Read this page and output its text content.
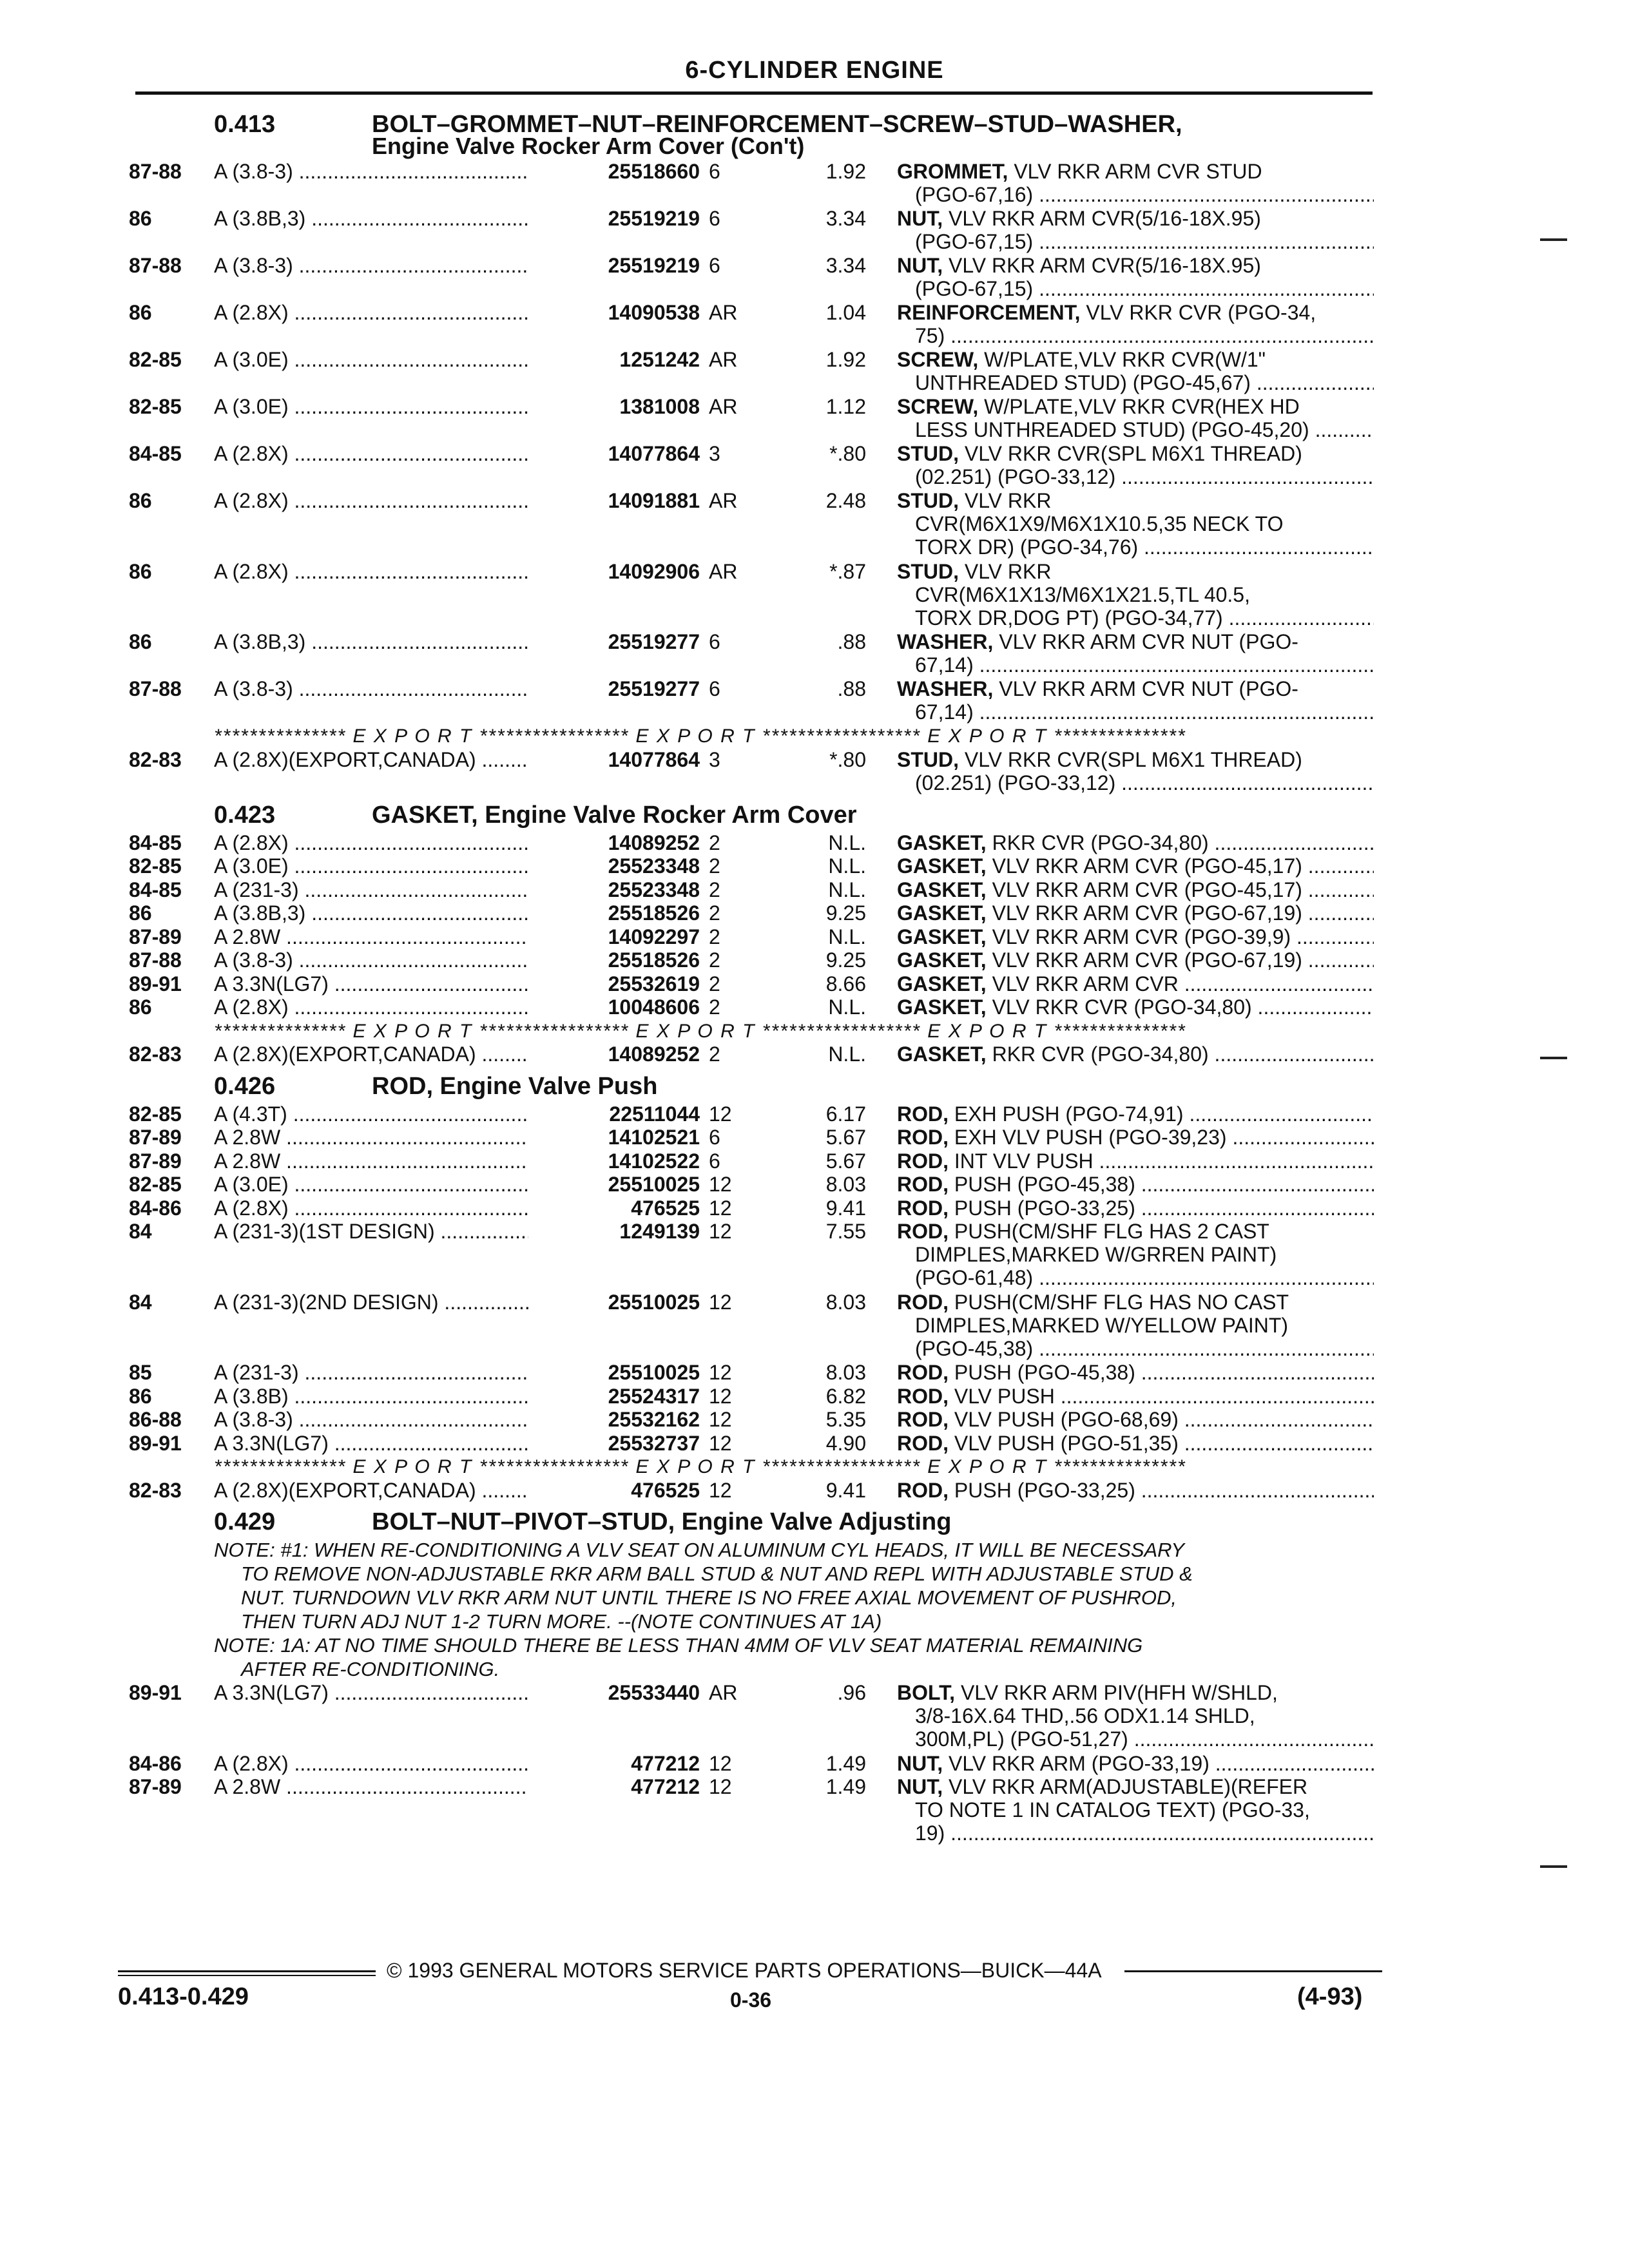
6-CYLINDER ENGINE
0.413	BOLT–GROMMET–NUT–REINFORCEMENT–SCREW–STUD–WASHER,
Engine Valve Rocker Arm Cover (Con't)
87-88 A (3.8-3) .....	25518660 6	1.92 GROMMET, VLV RKR ARM CVR STUD
(PGO-67,16) .....
86	A (3.8B,3) .....	25519219 6	3.34 NUT, VLV RKR ARM CVR(5/16-18X.95)
(PGO-67,15) .....
87-88 A (3.8-3) .....	25519219 6	3.34 NUT, VLV RKR ARM CVR(5/16-18X.95)
(PGO-67,15) .....
86	A (2.8X) .....	14090538 AR	1.04 REINFORCEMENT, VLV RKR CVR (PGO-34,
75) .....
82-85 A (3.0E) .....	1251242 AR	1.92 SCREW, W/PLATE,VLV RKR CVR(W/1"
UNTHREADED STUD) (PGO-45,67) .....
82-85 A (3.0E) .....	1381008 AR	1.12 SCREW, W/PLATE,VLV RKR CVR(HEX HD
LESS UNTHREADED STUD) (PGO-45,20) .....
84-85 A (2.8X) .....	14077864 3	*.80 STUD, VLV RKR CVR(SPL M6X1 THREAD)
(02.251) (PGO-33,12) .....
86	A (2.8X) .....	14091881 AR	2.48 STUD, VLV RKR
CVR(M6X1X9/M6X1X10.5,35 NECK TO
TORX DR) (PGO-34,76) .....
86	A (2.8X) .....	14092906 AR	*.87 STUD, VLV RKR
CVR(M6X1X13/M6X1X21.5,TL 40.5,
TORX DR,DOG PT) (PGO-34,77) .....
86	A (3.8B,3) .....	25519277 6	.88 WASHER, VLV RKR ARM CVR NUT (PGO-
67,14) .....
87-88 A (3.8-3) .....	25519277 6	.88 WASHER, VLV RKR ARM CVR NUT (PGO-
67,14) .....
*************** E X P O R T ***************** E X P O R T ****************** E X P O R T ***************
82-83 A (2.8X)(EXPORT,CANADA) .....	14077864 3	*.80 STUD, VLV RKR CVR(SPL M6X1 THREAD)
(02.251) (PGO-33,12) .....
0.423	GASKET, Engine Valve Rocker Arm Cover
84-85 A (2.8X) .....	14089252 2	N.L. GASKET, RKR CVR (PGO-34,80) .....
82-85 A (3.0E) .....	25523348 2	N.L. GASKET, VLV RKR ARM CVR (PGO-45,17) .....
84-85 A (231-3) .....	25523348 2	N.L. GASKET, VLV RKR ARM CVR (PGO-45,17) .....
86	A (3.8B,3) .....	25518526 2	9.25 GASKET, VLV RKR ARM CVR (PGO-67,19) .....
87-89 A 2.8W .....	14092297 2	N.L. GASKET, VLV RKR ARM CVR (PGO-39,9) .....
87-88 A (3.8-3) .....	25518526 2	9.25 GASKET, VLV RKR ARM CVR (PGO-67,19) .....
89-91 A 3.3N(LG7) .....	25532619 2	8.66 GASKET, VLV RKR ARM CVR .....
86	A (2.8X) .....	10048606 2	N.L. GASKET, VLV RKR CVR (PGO-34,80) .....
*************** E X P O R T ***************** E X P O R T ****************** E X P O R T ***************
82-83 A (2.8X)(EXPORT,CANADA) .....	14089252 2	N.L. GASKET, RKR CVR (PGO-34,80) .....
0.426	ROD, Engine Valve Push
82-85 A (4.3T) .....	22511044 12	6.17 ROD, EXH PUSH (PGO-74,91) .....
87-89 A 2.8W .....	14102521 6	5.67 ROD, EXH VLV PUSH (PGO-39,23) .....
87-89 A 2.8W .....	14102522 6	5.67 ROD, INT VLV PUSH .....
82-85 A (3.0E) .....	25510025 12	8.03 ROD, PUSH (PGO-45,38) .....
84-86 A (2.8X) .....	476525 12	9.41 ROD, PUSH (PGO-33,25) .....
84	A (231-3)(1ST DESIGN) .....	1249139 12	7.55 ROD, PUSH(CM/SHF FLG HAS 2 CAST
DIMPLES,MARKED W/GRREN PAINT)
(PGO-61,48) .....
84	A (231-3)(2ND DESIGN) .....	25510025 12	8.03 ROD, PUSH(CM/SHF FLG HAS NO CAST
DIMPLES,MARKED W/YELLOW PAINT)
(PGO-45,38) .....
85	A (231-3) .....	25510025 12	8.03 ROD, PUSH (PGO-45,38) .....
86	A (3.8B) .....	25524317 12	6.82 ROD, VLV PUSH .....
86-88 A (3.8-3) .....	25532162 12	5.35 ROD, VLV PUSH (PGO-68,69) .....
89-91 A 3.3N(LG7) .....	25532737 12	4.90 ROD, VLV PUSH (PGO-51,35) .....
*************** E X P O R T ***************** E X P O R T ****************** E X P O R T ***************
82-83 A (2.8X)(EXPORT,CANADA) .....	476525 12	9.41 ROD, PUSH (PGO-33,25) .....
0.429	BOLT–NUT–PIVOT–STUD, Engine Valve Adjusting
NOTE: #1: WHEN RE-CONDITIONING A VLV SEAT ON ALUMINUM CYL HEADS, IT WILL BE NECESSARY
TO REMOVE NON-ADJUSTABLE RKR ARM BALL STUD & NUT AND REPL WITH ADJUSTABLE STUD &
NUT. TURNDOWN VLV RKR ARM NUT UNTIL THERE IS NO FREE AXIAL MOVEMENT OF PUSHROD,
THEN TURN ADJ NUT 1-2 TURN MORE. --(NOTE CONTINUES AT 1A)
NOTE: 1A: AT NO TIME SHOULD THERE BE LESS THAN 4MM OF VLV SEAT MATERIAL REMAINING
AFTER RE-CONDITIONING.
89-91 A 3.3N(LG7) .....	25533440 AR	.96 BOLT, VLV RKR ARM PIV(HFH W/SHLD,
3/8-16X.64 THD,.56 ODX1.14 SHLD,
300M,PL) (PGO-51,27) .....
84-86 A (2.8X) .....	477212 12	1.49 NUT, VLV RKR ARM (PGO-33,19) .....
87-89 A 2.8W .....	477212 12	1.49 NUT, VLV RKR ARM(ADJUSTABLE)(REFER
TO NOTE 1 IN CATALOG TEXT) (PGO-33,
19) .....
© 1993 GENERAL MOTORS SERVICE PARTS OPERATIONS—BUICK—44A
0.413-0.429	0-36	(4-93)
